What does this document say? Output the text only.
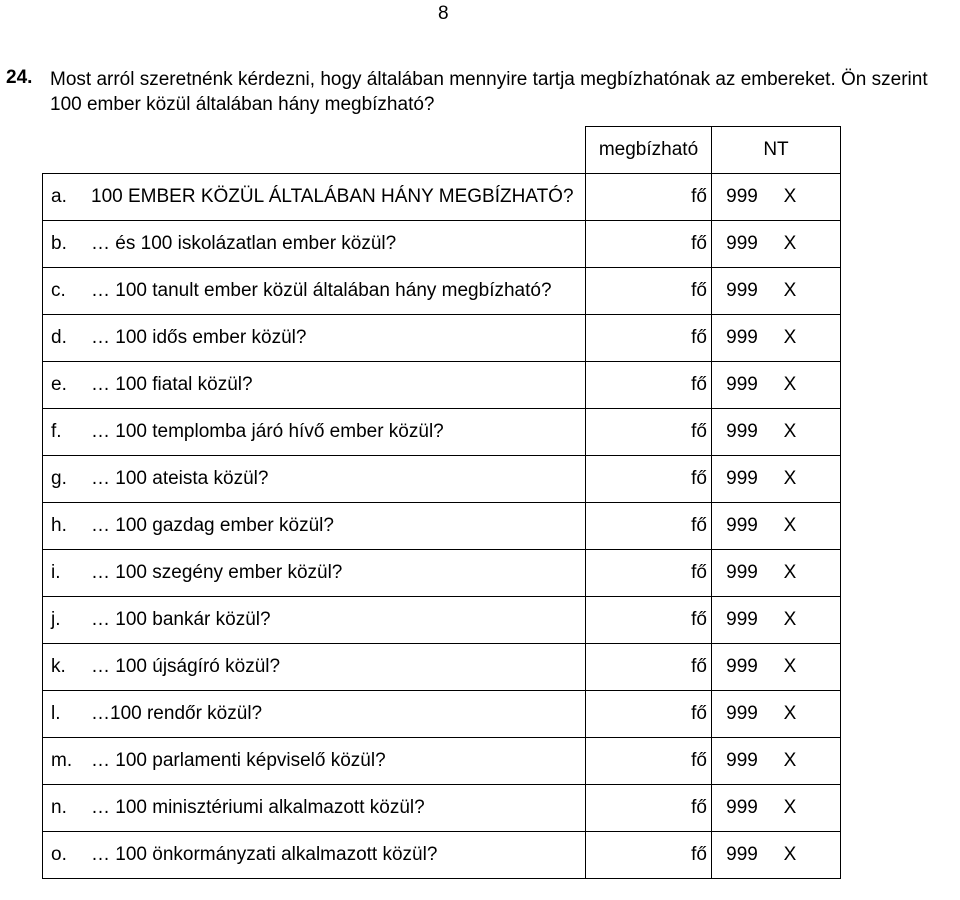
8
24. Most arról szeretnénk kérdezni, hogy általában mennyire tartja megbízhatónak az embereket. Ön szerint 100 ember közül általában hány megbízható?
	megbízható	NT

a. 100 EMBER KÖZÜL ÁLTALÁBAN HÁNY MEGBÍZHATÓ?	fő	999 X

b. … és 100 iskolázatlan ember közül?	fő	999 X

c. … 100 tanult ember közül általában hány megbízható?	fő	999 X

d. … 100 idős ember közül?	fő	999 X

e. … 100 fiatal közül?	fő	999 X

f. … 100 templomba járó hívő ember közül?	fő	999 X

g. … 100 ateista közül?	fő	999 X

h. … 100 gazdag ember közül?	fő	999 X

i. … 100 szegény ember közül?	fő	999 X

j. … 100 bankár közül?	fő	999 X

k. … 100 újságíró közül?	fő	999 X

l. …100 rendőr közül?	fő	999 X

m. … 100 parlamenti képviselő közül?	fő	999 X

n. … 100 minisztériumi alkalmazott közül?	fő	999 X

o. … 100 önkormányzati alkalmazott közül?	fő	999 X
